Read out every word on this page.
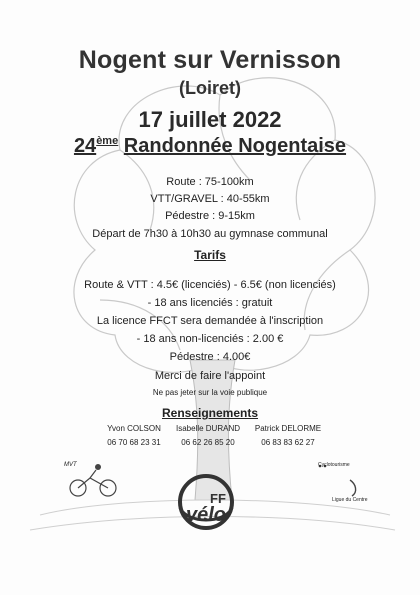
Nogent sur Vernisson
(Loiret)
17 juillet 2022
24ème Randonnée Nogentaise
Route : 75-100km
VTT/GRAVEL : 40-55km
Pédestre : 9-15km
Départ de 7h30 à 10h30 au gymnase communal
Tarifs
Route & VTT : 4.5€ (licenciés) - 6.5€ (non licenciés)
- 18 ans licenciés : gratuit
La licence FFCT sera demandée à l'inscription
- 18 ans non-licenciés : 2.00 €
Pédestre : 4.00€
Merci de faire l'appoint
Ne pas jeter sur la voie publique
Renseignements
Yvon COLSON
06 70 68 23 31
Isabelle DURAND
06 62 26 85 20
Patrick DELORME
06 83 83 62 27
MVT
FF
vélo
Cyclotourisme
Ligue du Centre
